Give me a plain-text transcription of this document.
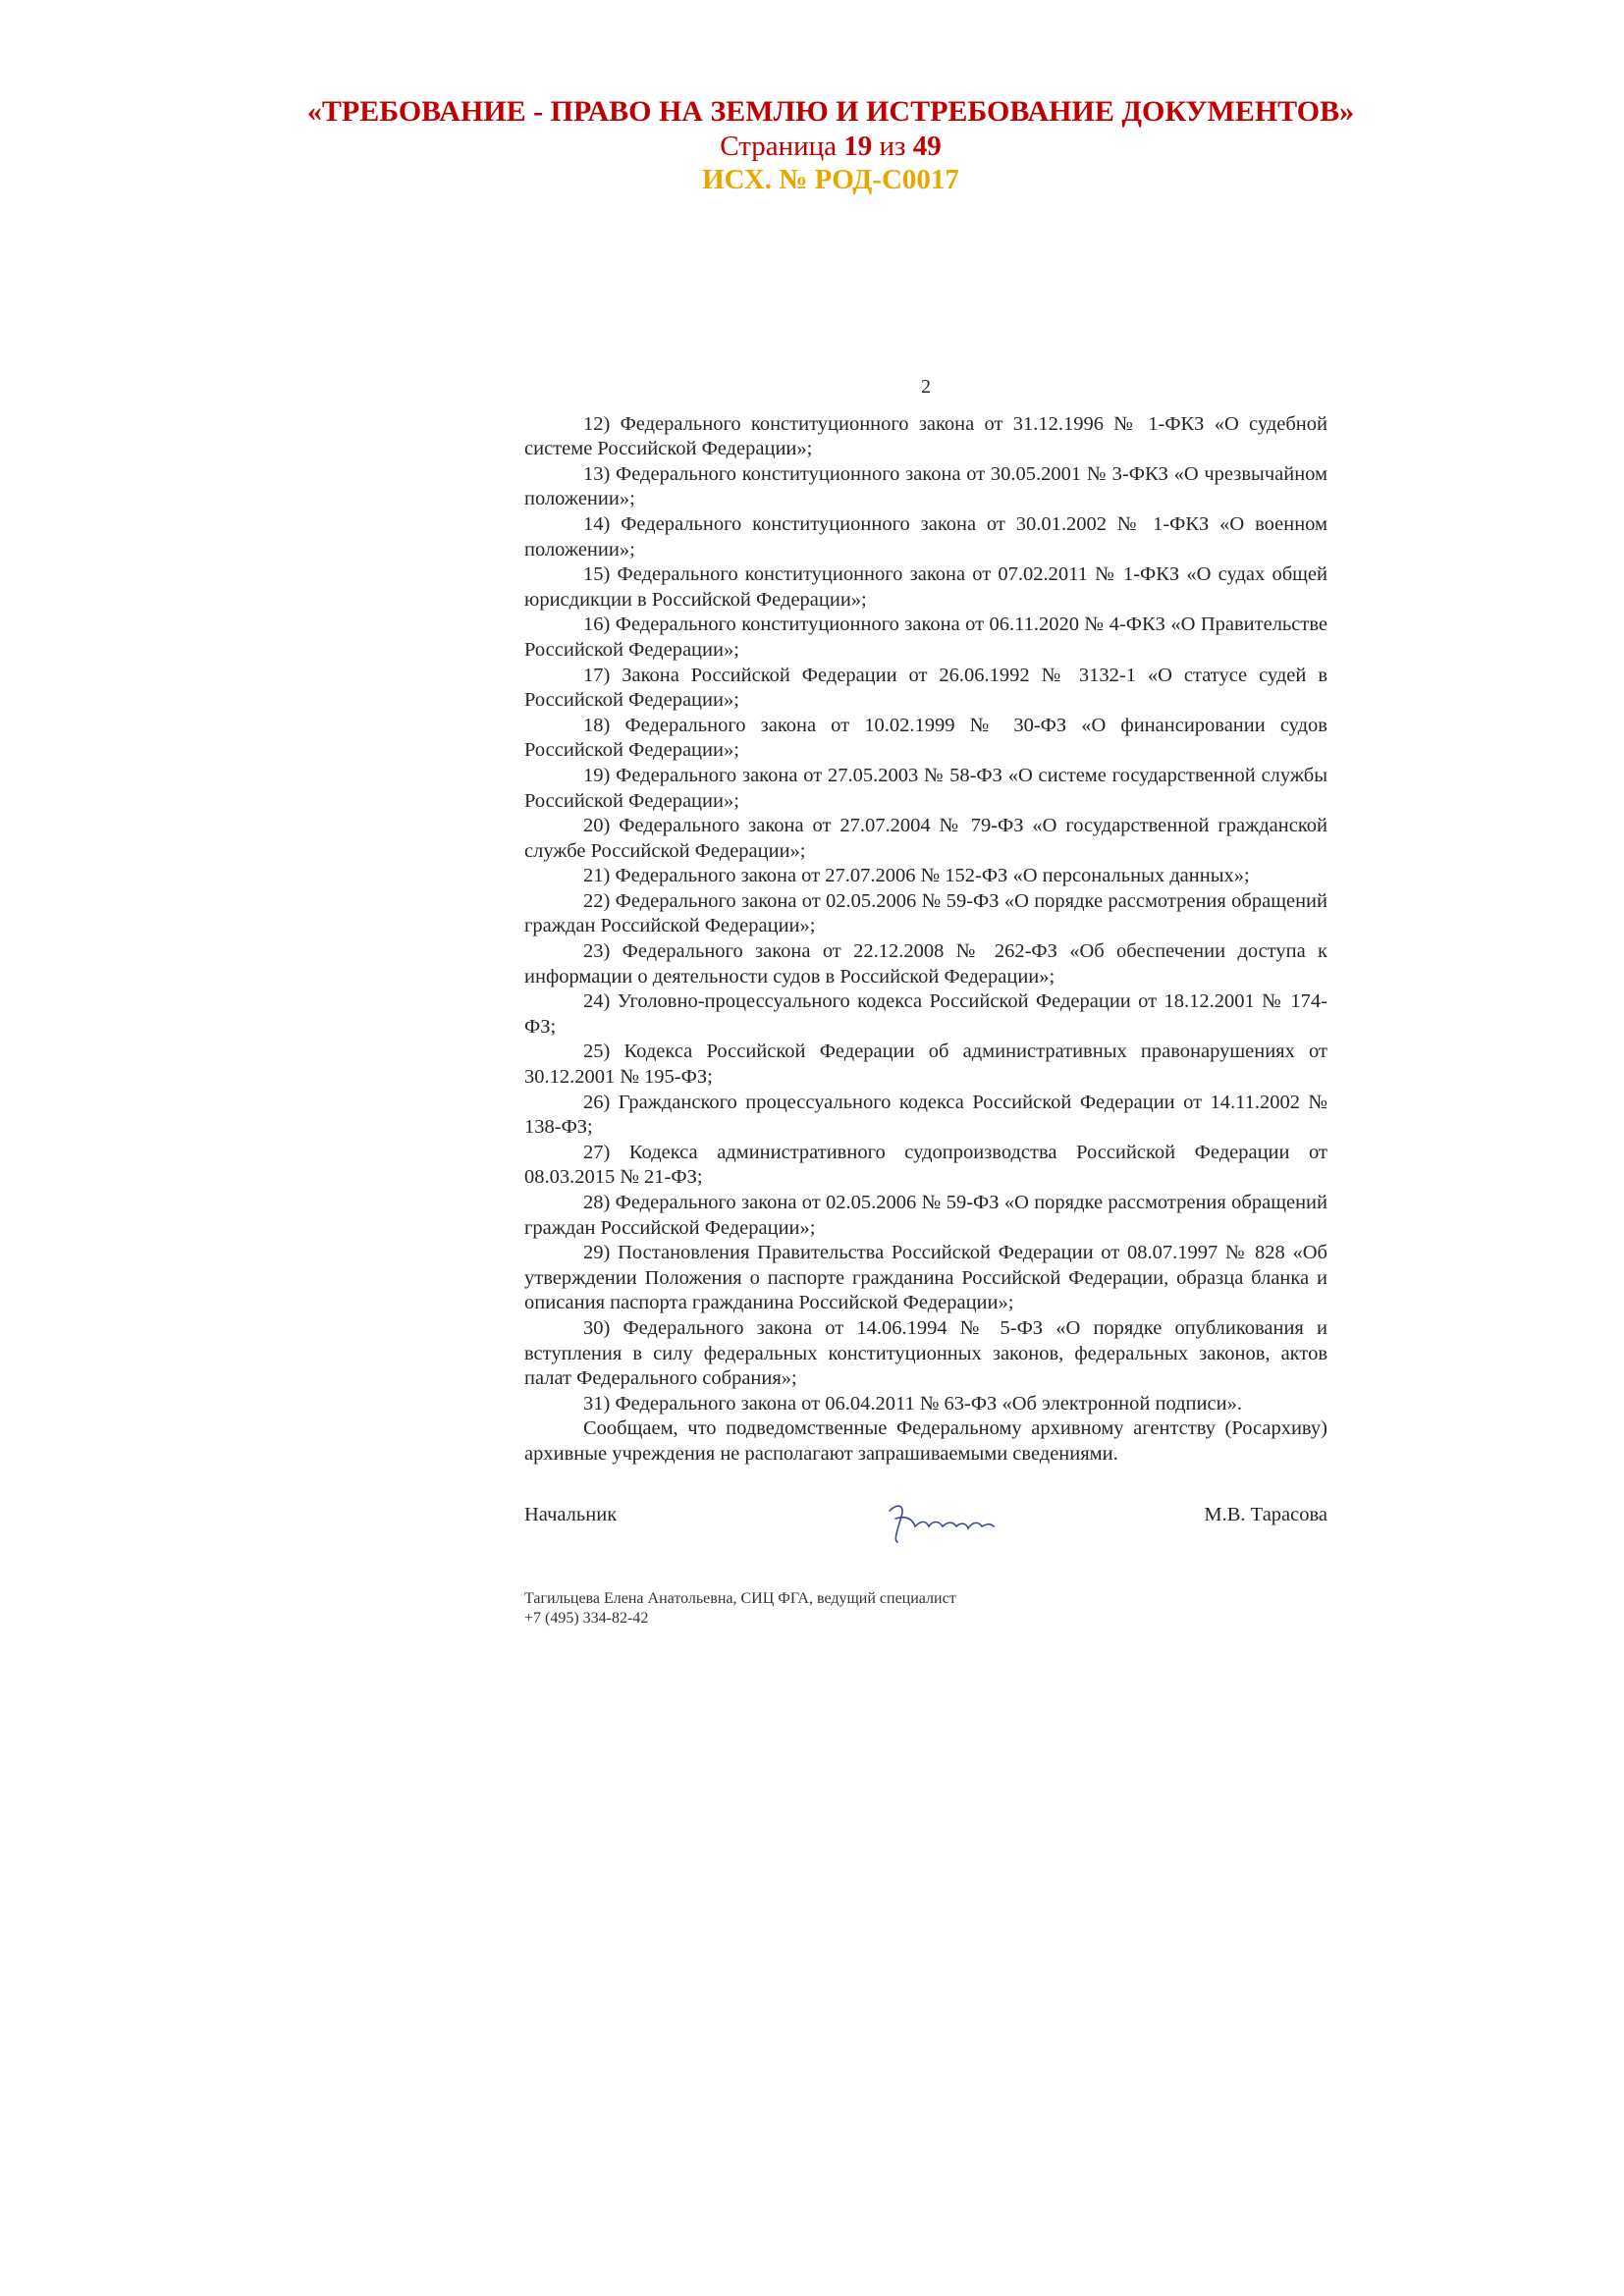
«ТРЕБОВАНИЕ - ПРАВО НА ЗЕМЛЮ И ИСТРЕБОВАНИЕ ДОКУМЕНТОВ»
Страница 19 из 49
ИСХ. № РОД-С0017
2

12) Федерального конституционного закона от 31.12.1996 № 1-ФКЗ «О судебной системе Российской Федерации»;

13) Федерального конституционного закона от 30.05.2001 № 3-ФКЗ «О чрезвычайном положении»;

14) Федерального конституционного закона от 30.01.2002 № 1-ФКЗ «О военном положении»;

15) Федерального конституционного закона от 07.02.2011 № 1-ФКЗ «О судах общей юрисдикции в Российской Федерации»;

16) Федерального конституционного закона от 06.11.2020 № 4-ФКЗ «О Правительстве Российской Федерации»;

17) Закона Российской Федерации от 26.06.1992 № 3132-1 «О статусе судей в Российской Федерации»;

18) Федерального закона от 10.02.1999 № 30-ФЗ «О финансировании судов Российской Федерации»;

19) Федерального закона от 27.05.2003 № 58-ФЗ «О системе государственной службы Российской Федерации»;

20) Федерального закона от 27.07.2004 № 79-ФЗ «О государственной гражданской службе Российской Федерации»;

21) Федерального закона от 27.07.2006 № 152-ФЗ «О персональных данных»;

22) Федерального закона от 02.05.2006 № 59-ФЗ «О порядке рассмотрения обращений граждан Российской Федерации»;

23) Федерального закона от 22.12.2008 № 262-ФЗ «Об обеспечении доступа к информации о деятельности судов в Российской Федерации»;

24) Уголовно-процессуального кодекса Российской Федерации от 18.12.2001 № 174-ФЗ;

25) Кодекса Российской Федерации об административных правонарушениях от 30.12.2001 № 195-ФЗ;

26) Гражданского процессуального кодекса Российской Федерации от 14.11.2002 № 138-ФЗ;

27) Кодекса административного судопроизводства Российской Федерации от 08.03.2015 № 21-ФЗ;

28) Федерального закона от 02.05.2006 № 59-ФЗ «О порядке рассмотрения обращений граждан Российской Федерации»;

29) Постановления Правительства Российской Федерации от 08.07.1997 № 828 «Об утверждении Положения о паспорте гражданина Российской Федерации, образца бланка и описания паспорта гражданина Российской Федерации»;

30) Федерального закона от 14.06.1994 № 5-ФЗ «О порядке опубликования и вступления в силу федеральных конституционных законов, федеральных законов, актов палат Федерального собрания»;

31) Федерального закона от 06.04.2011 № 63-ФЗ «Об электронной подписи».

Сообщаем, что подведомственные Федеральному архивному агентству (Росархиву) архивные учреждения не располагают запрашиваемыми сведениями.

Начальник	М.В. Тарасова
Тагильцева Елена Анатольевна, СИЦ ФГА, ведущий специалист
+7 (495) 334-82-42
